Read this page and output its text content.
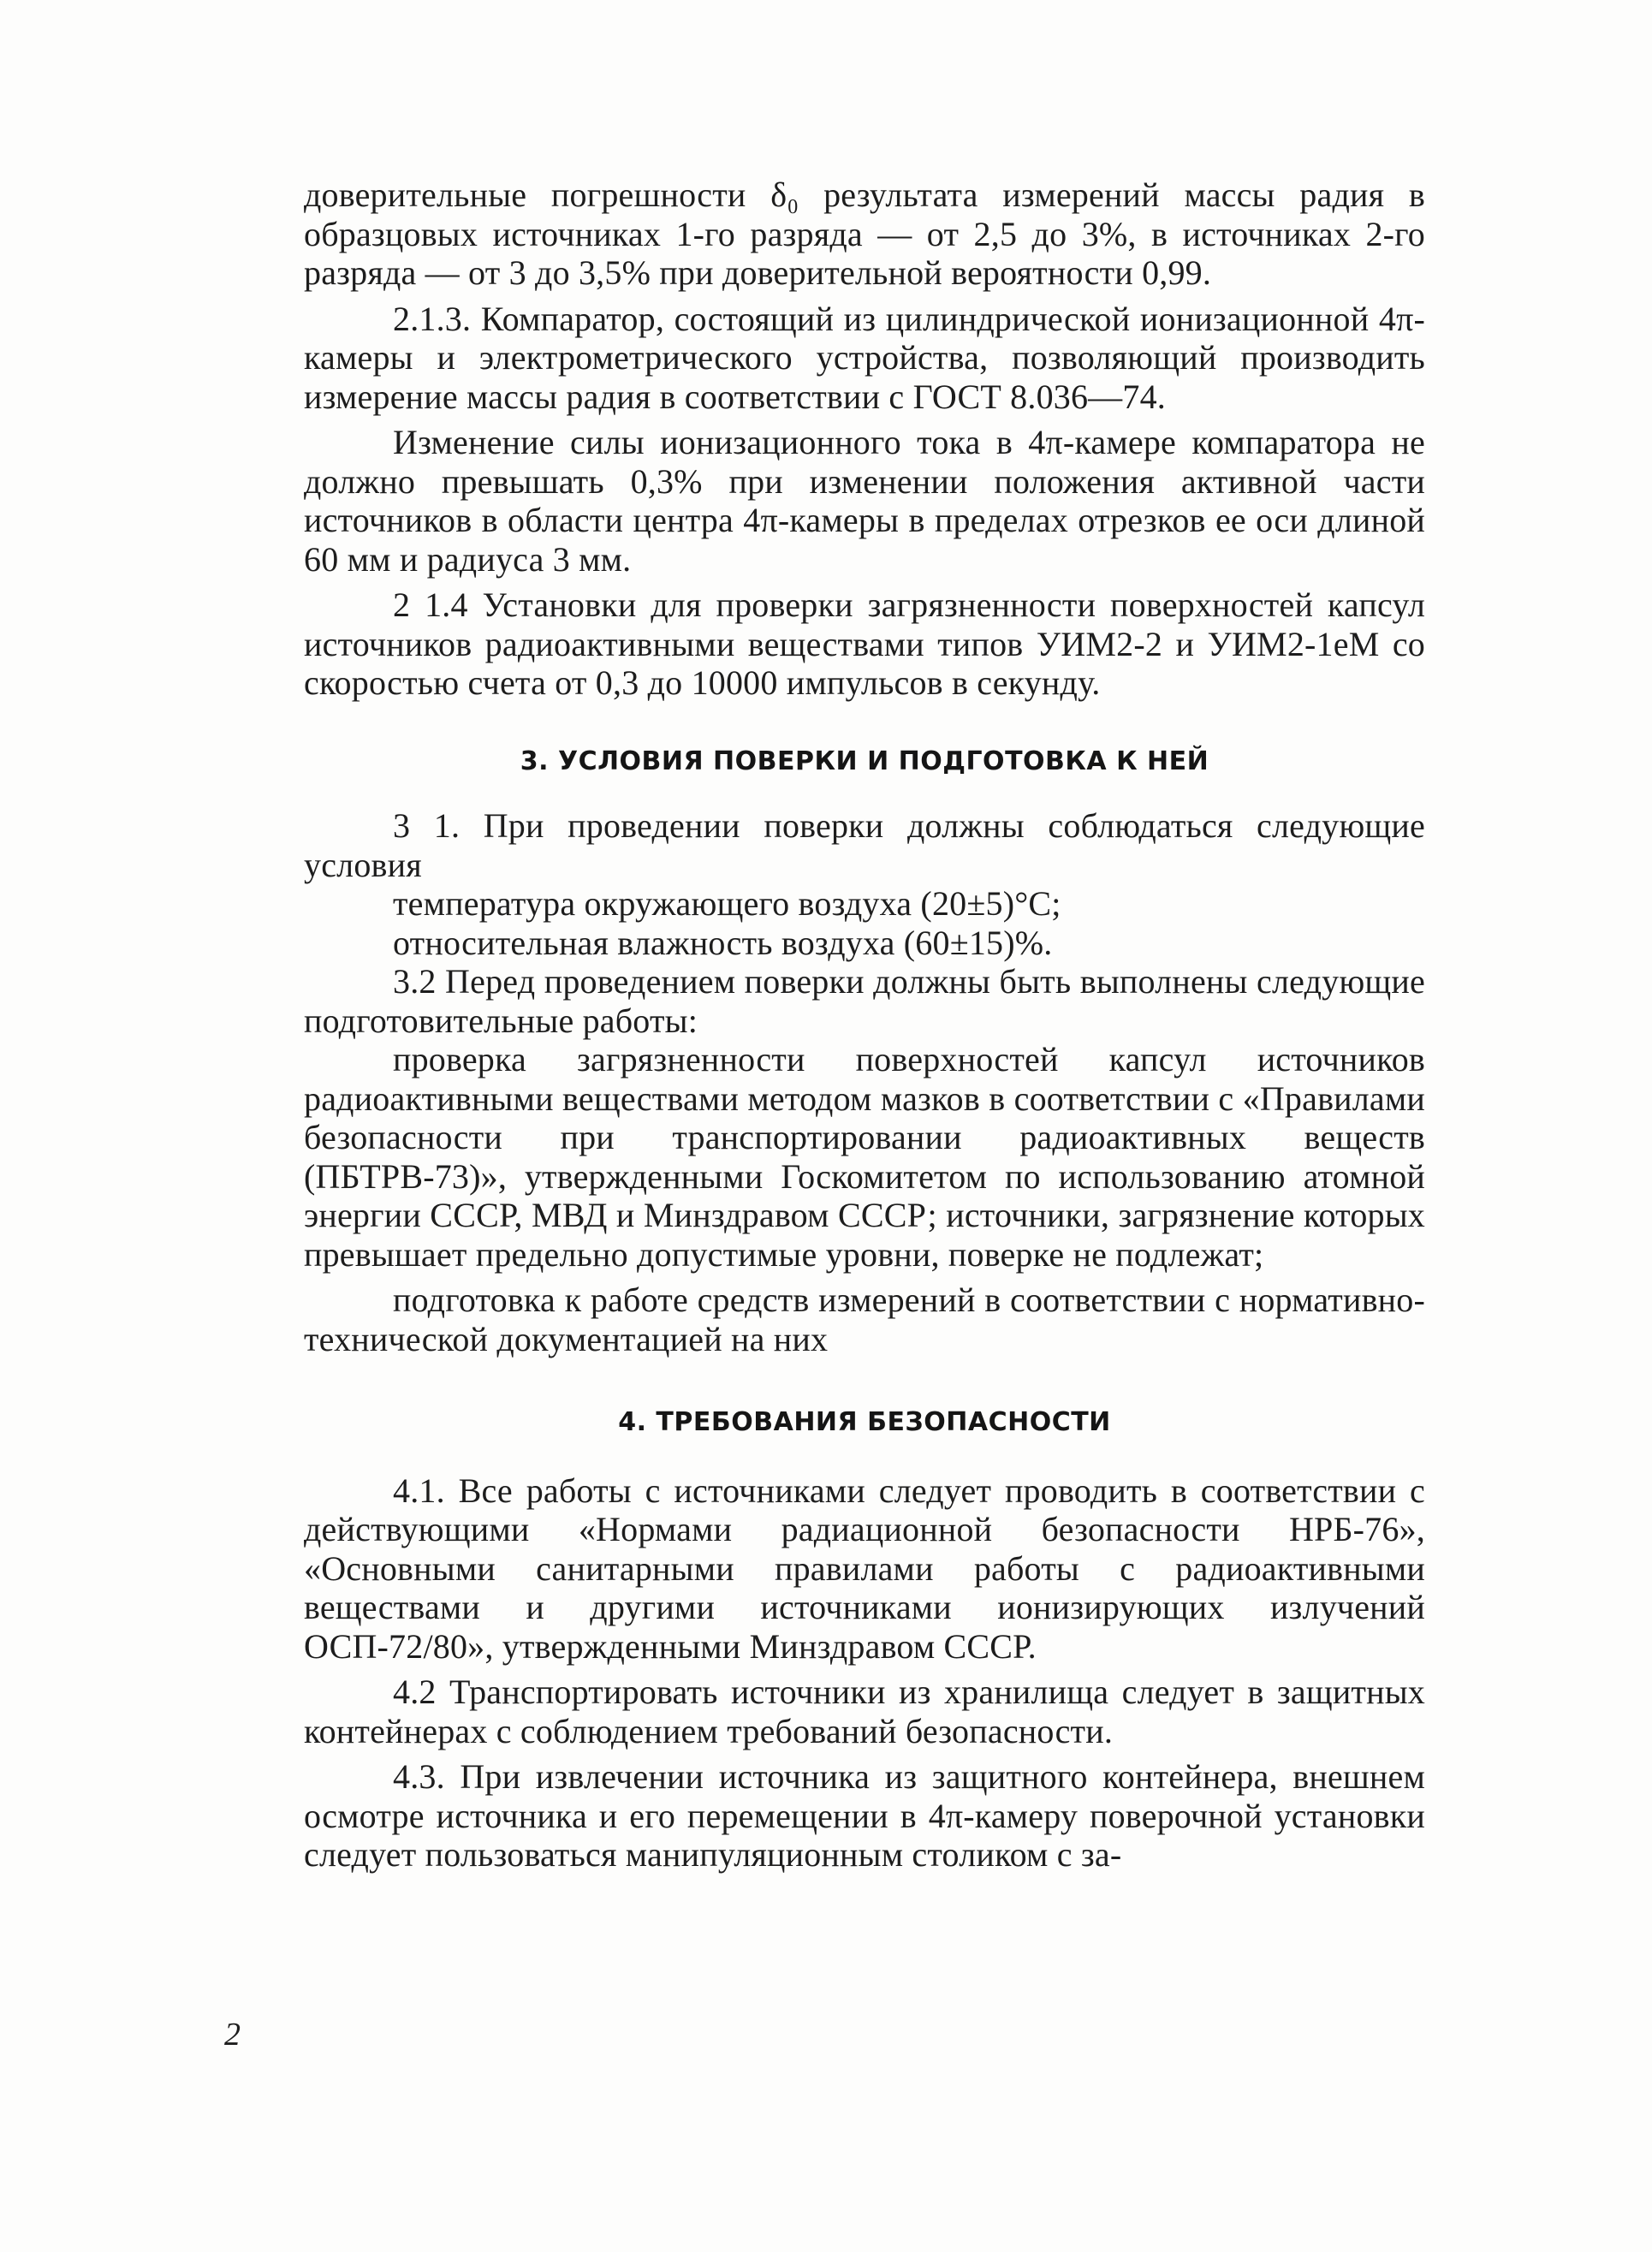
доверительные погрешности δ₀ результата измерений массы радия в образцовых источниках 1-го разряда — от 2,5 до 3%, в источниках 2-го разряда — от 3 до 3,5% при доверительной вероятности 0,99.

2.1.3. Компаратор, состоящий из цилиндрической ионизационной 4π-камеры и электрометрического устройства, позволяющий производить измерение массы радия в соответствии с ГОСТ 8.036—74.

Изменение силы ионизационного тока в 4π-камере компаратора не должно превышать 0,3% при изменении положения активной части источников в области центра 4π-камеры в пределах отрезков ее оси длиной 60 мм и радиуса 3 мм.

2 1.4 Установки для проверки загрязненности поверхностей капсул источников радиоактивными веществами типов УИМ2-2 и УИМ2-1еМ со скоростью счета от 0,3 до 10000 импульсов в секунду.

3. УСЛОВИЯ ПОВЕРКИ И ПОДГОТОВКА К НЕЙ

3 1. При проведении поверки должны соблюдаться следующие условия

температура окружающего воздуха (20±5)°С;

относительная влажность воздуха (60±15)%.

3.2 Перед проведением поверки должны быть выполнены следующие подготовительные работы:

проверка загрязненности поверхностей капсул источников радиоактивными веществами методом мазков в соответствии с «Правилами безопасности при транспортировании радиоактивных веществ (ПБТРВ-73)», утвержденными Госкомитетом по использованию атомной энергии СССР, МВД и Минздравом СССР; источники, загрязнение которых превышает предельно допустимые уровни, поверке не подлежат;

подготовка к работе средств измерений в соответствии с нормативно-технической документацией на них

4. ТРЕБОВАНИЯ БЕЗОПАСНОСТИ

4.1. Все работы с источниками следует проводить в соответствии с действующими «Нормами радиационной безопасности НРБ-76», «Основными санитарными правилами работы с радиоактивными веществами и другими источниками ионизирующих излучений ОСП-72/80», утвержденными Минздравом СССР.

4.2 Транспортировать источники из хранилища следует в защитных контейнерах с соблюдением требований безопасности.

4.3. При извлечении источника из защитного контейнера, внешнем осмотре источника и его перемещении в 4π-камеру поверочной установки следует пользоваться манипуляционным столиком с за-

2
